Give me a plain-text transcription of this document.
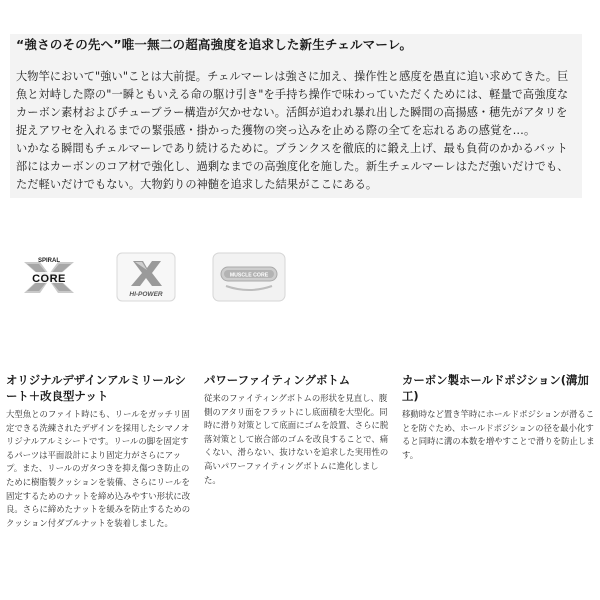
“強さのその先へ”唯一無二の超高強度を追求した新生チェルマーレ。

大物竿において"強い"ことは大前提。チェルマーレは強さに加え、操作性と感度を愚直に追い求めてきた。巨魚と対峙した際の"一瞬ともいえる命の駆け引き"を手持ち操作で味わっていただくためには、軽量で高強度なカーボン素材およびチューブラー構造が欠かせない。活餌が追われ暴れ出した瞬間の高揚感・穂先がアタリを捉えアワセを入れるまでの緊張感・掛かった獲物の突っ込みを止める際の全てを忘れるあの感覚を…。
いかなる瞬間もチェルマーレであり続けるために。ブランクスを徹底的に鍛え上げ、最も負荷のかかるバット部にはカーボンのコア材で強化し、過剰なまでの高強度化を施した。新生チェルマーレはただ強いだけでも、ただ軽いだけでもない。大物釣りの神髄を追求した結果がここにある。

SPIRAL
CORE
HI-POWER
MUSCLE CORE

オリジナルデザインアルミリールシート＋改良型ナット

大型魚とのファイト時にも、リールをガッチリ固定できる洗練されたデザインを採用したシマノオリジナルアルミシートです。リールの脚を固定するパーツは平面設計により固定力がさらにアップ。また、リールのガタつきを抑え傷つき防止のために樹脂製クッションを装備、さらにリールを固定するためのナットを締め込みやすい形状に改良。さらに締めたナットを緩みを防止するためのクッション付ダブルナットを装着しました。

パワーファイティングボトム

従来のファイティングボトムの形状を見直し、腹側のアタリ面をフラットにし底面積を大型化。同時に滑り対策として底面にゴムを設置、さらに脱落対策として嵌合部のゴムを改良することで、痛くない、滑らない、抜けないを追求した実用性の高いパワーファイティングボトムに進化しました。

カーボン製ホールドポジション(溝加工)

移動時など置き竿時にホールドポジションが滑ることを防ぐため、ホールドポジションの径を最小化すると同時に溝の本数を増やすことで滑りを防止します。
